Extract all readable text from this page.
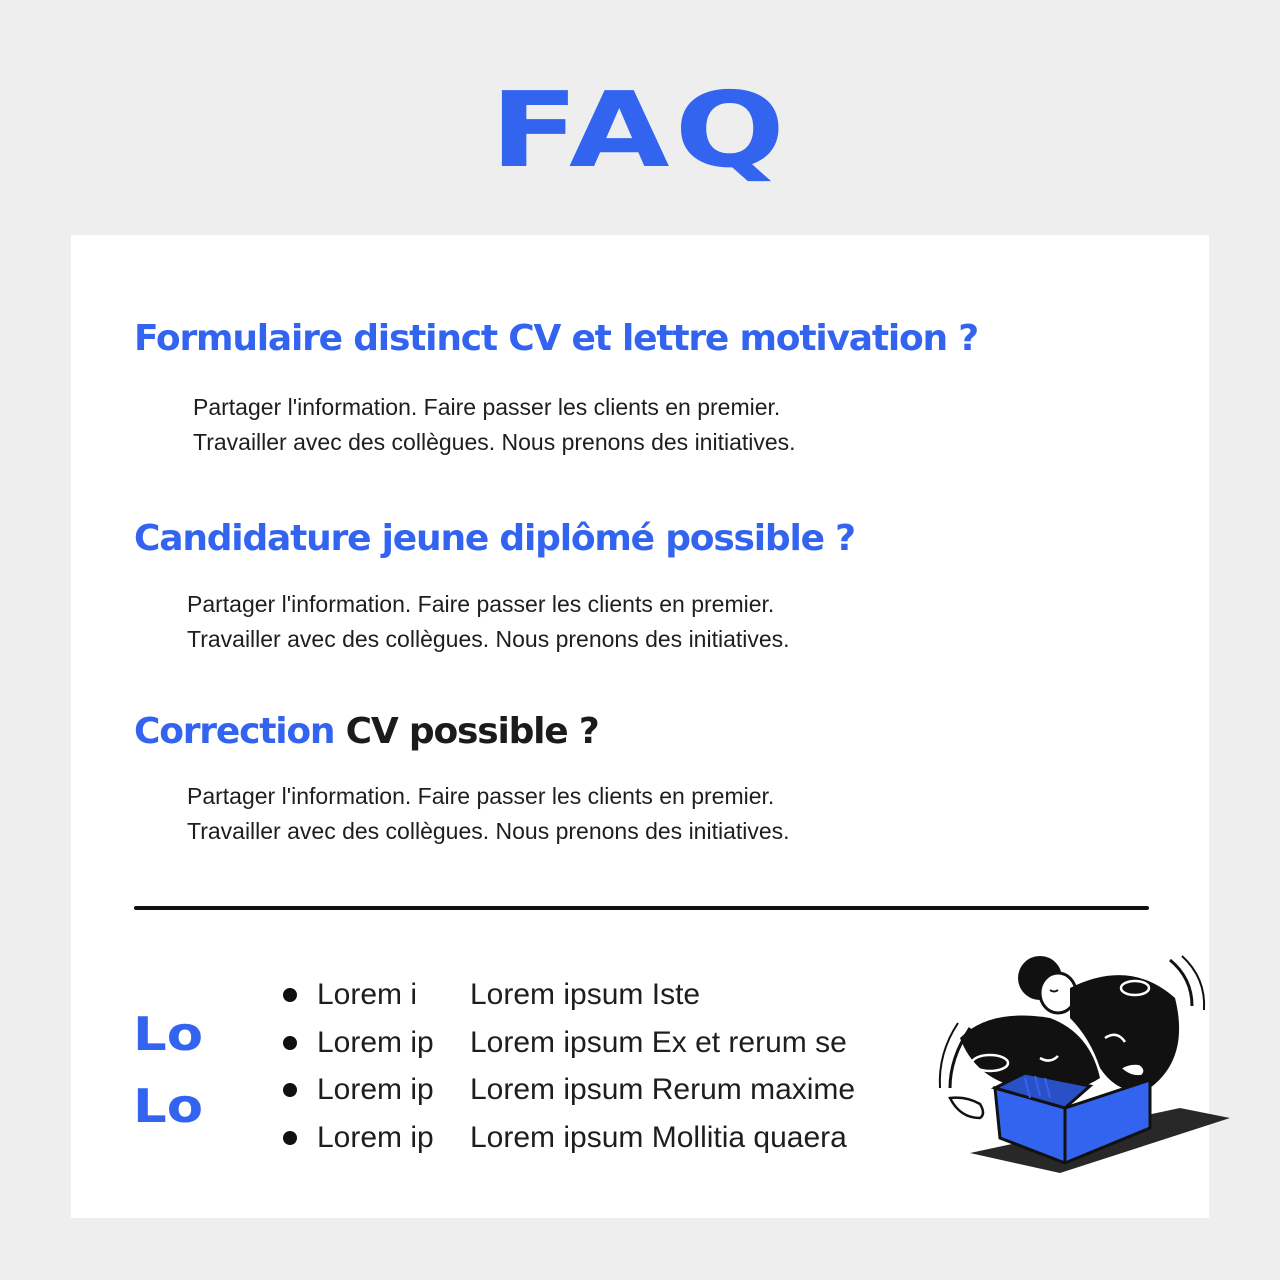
FAQ
Formulaire distinct CV et lettre motivation ?
Partager l'information. Faire passer les clients en premier.
Travailler avec des collègues. Nous prenons des initiatives.
Candidature jeune diplômé possible ?
Partager l'information. Faire passer les clients en premier.
Travailler avec des collègues. Nous prenons des initiatives.
Correction CV possible ?
Partager l'information. Faire passer les clients en premier.
Travailler avec des collègues. Nous prenons des initiatives.
Lo
Lo
Lorem i Lorem ipsum Iste
Lorem ip Lorem ipsum Ex et rerum se
Lorem ip Lorem ipsum Rerum maxime
Lorem ip Lorem ipsum Mollitia quaera
